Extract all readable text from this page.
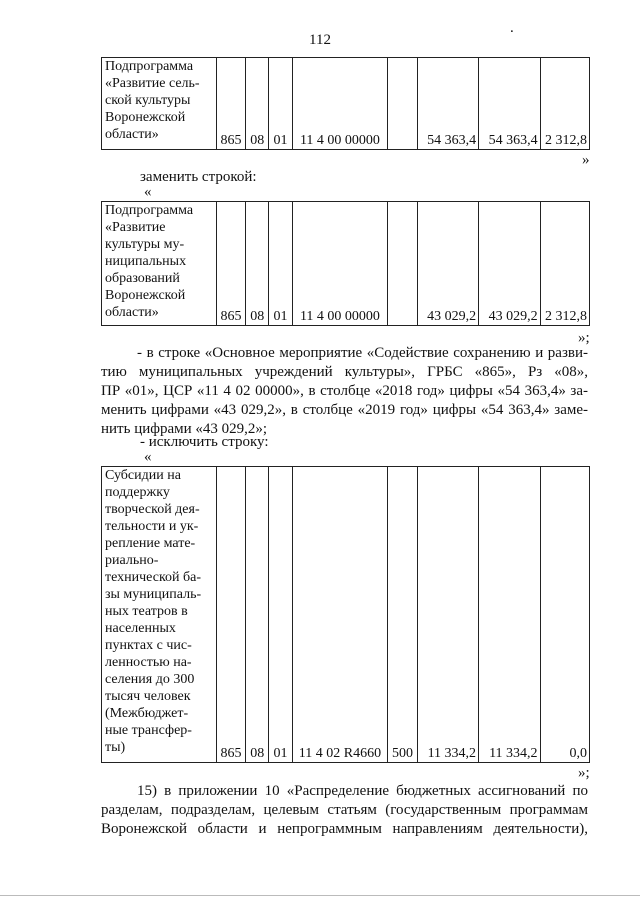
112
.
Подпрограмма
«Развитие сель-
ской культуры
Воронежской
области»	865	08	01	11 4 00 00000		54 363,4	54 363,4	2 312,8
»
заменить строкой:
«
Подпрограмма
«Развитие
культуры му-
ниципальных
образований
Воронежской
области»	865	08	01	11 4 00 00000		43 029,2	43 029,2	2 312,8
»;
- в строке «Основное мероприятие «Содействие сохранению и разви-
тию муниципальных учреждений культуры», ГРБС «865», Рз «08»,
ПР «01», ЦСР «11 4 02 00000», в столбце «2018 год» цифры «54 363,4» за-
менить цифрами «43 029,2», в столбце «2019 год» цифры «54 363,4» заме-
нить цифрами «43 029,2»;
- исключить строку:
«
Субсидии на
поддержку
творческой дея-
тельности и ук-
репление мате-
риально-
технической ба-
зы муниципаль-
ных театров в
населенных
пунктах с чис-
ленностью на-
селения до 300
тысяч человек
(Межбюджет-
ные трансфер-
ты)	865	08	01	11 4 02 R4660	500	11 334,2	11 334,2	0,0
»;
15) в приложении 10 «Распределение бюджетных ассигнований по
разделам, подразделам, целевым статьям (государственным программам
Воронежской области и непрограммным направлениям деятельности),
